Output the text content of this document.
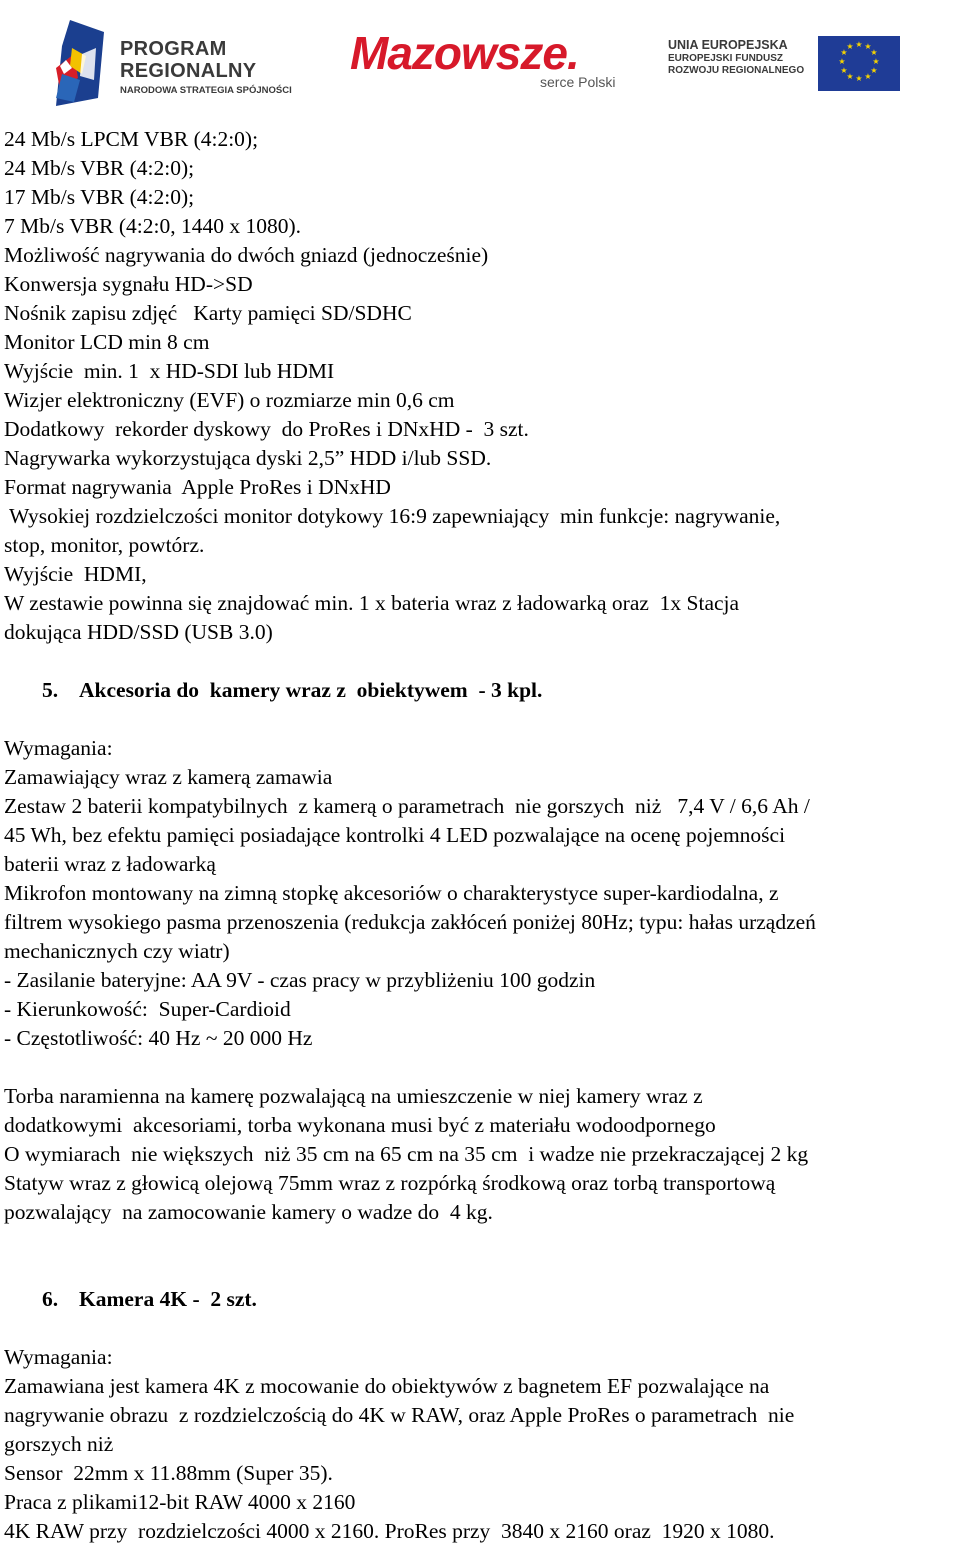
PROGRAM
REGIONALNY
NARODOWA STRATEGIA SPÓJNOŚCI
Mazowsze.
serce Polski
UNIA EUROPEJSKA
EUROPEJSKI FUNDUSZ
ROZWOJU REGIONALNEGO
★ ★
★
★
★
★
★
★
★
★
★
★

24 Mb/s LPCM VBR (4:2:0);

24 Mb/s VBR (4:2:0);

17 Mb/s VBR (4:2:0);

7 Mb/s VBR (4:2:0, 1440 x 1080).

Możliwość nagrywania do dwóch gniazd (jednocześnie)

Konwersja sygnału HD->SD

Nośnik zapisu zdjęć   Karty pamięci SD/SDHC

Monitor LCD min 8 cm

Wyjście  min. 1  x HD-SDI lub HDMI

Wizjer elektroniczny (EVF) o rozmiarze min 0,6 cm

Dodatkowy  rekorder dyskowy  do ProRes i DNxHD -  3 szt.

Nagrywarka wykorzystująca dyski 2,5” HDD i/lub SSD.

Format nagrywania  Apple ProRes i DNxHD

Wysokiej rozdzielczości monitor dotykowy 16:9 zapewniający  min funkcje: nagrywanie,

stop, monitor, powtórz.

Wyjście  HDMI,

W zestawie powinna się znajdować min. 1 x bateria wraz z ładowarką oraz  1x Stacja

dokująca HDD/SSD (USB 3.0)

5. Akcesoria do  kamery wraz z  obiektywem  - 3 kpl.

Wymagania:

Zamawiający wraz z kamerą zamawia

Zestaw 2 baterii kompatybilnych  z kamerą o parametrach  nie gorszych  niż   7,4 V / 6,6 Ah /

45 Wh, bez efektu pamięci posiadające kontrolki 4 LED pozwalające na ocenę pojemności

baterii wraz z ładowarką

Mikrofon montowany na zimną stopkę akcesoriów o charakterystyce super-kardiodalna, z

filtrem wysokiego pasma przenoszenia (redukcja zakłóceń poniżej 80Hz; typu: hałas urządzeń

mechanicznych czy wiatr)

- Zasilanie bateryjne: AA 9V - czas pracy w przybliżeniu 100 godzin

- Kierunkowość:  Super-Cardioid

- Częstotliwość: 40 Hz ~ 20 000 Hz

Torba naramienna na kamerę pozwalającą na umieszczenie w niej kamery wraz z

dodatkowymi  akcesoriami, torba wykonana musi być z materiału wodoodpornego

O wymiarach  nie większych  niż 35 cm na 65 cm na 35 cm  i wadze nie przekraczającej 2 kg

Statyw wraz z głowicą olejową 75mm wraz z rozpórką środkową oraz torbą transportową

pozwalający  na zamocowanie kamery o wadze do  4 kg.

6. Kamera 4K -  2 szt.

Wymagania:

Zamawiana jest kamera 4K z mocowanie do obiektywów z bagnetem EF pozwalające na

nagrywanie obrazu  z rozdzielczością do 4K w RAW, oraz Apple ProRes o parametrach  nie

gorszych niż

Sensor  22mm x 11.88mm (Super 35).

Praca z plikami12-bit RAW 4000 x 2160

4K RAW przy  rozdzielczości 4000 x 2160. ProRes przy  3840 x 2160 oraz  1920 x 1080.
